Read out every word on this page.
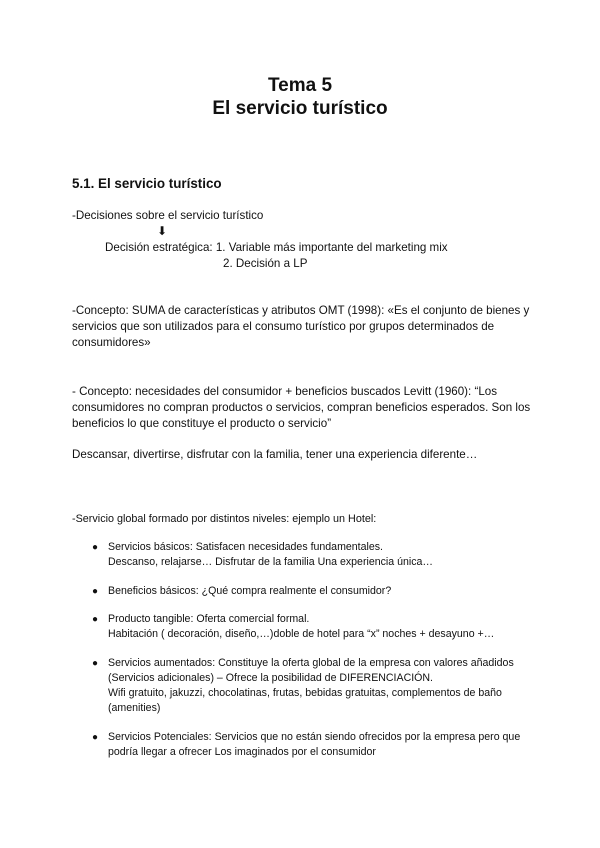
Tema 5
El servicio turístico
5.1. El servicio turístico
-Decisiones sobre el servicio turístico
⬇
Decisión estratégica: 1. Variable más importante del marketing mix
2. Decisión a LP
-Concepto: SUMA de características y atributos OMT (1998): «Es el conjunto de bienes y servicios que son utilizados para el consumo turístico por grupos determinados de consumidores»
- Concepto: necesidades del consumidor + beneficios buscados Levitt (1960): “Los consumidores no compran productos o servicios, compran beneficios esperados. Son los beneficios lo que constituye el producto o servicio”
Descansar, divertirse, disfrutar con la familia, tener una experiencia diferente…
-Servicio global formado por distintos niveles: ejemplo un Hotel:
● Servicios básicos: Satisfacen necesidades fundamentales.
Descanso, relajarse… Disfrutar de la familia Una experiencia única…
● Beneficios básicos: ¿Qué compra realmente el consumidor?
● Producto tangible: Oferta comercial formal.
Habitación ( decoración, diseño,…)doble de hotel para “x” noches + desayuno +…
● Servicios aumentados: Constituye la oferta global de la empresa con valores añadidos (Servicios adicionales) – Ofrece la posibilidad de DIFERENCIACIÓN.
Wifi gratuito, jakuzzi, chocolatinas, frutas, bebidas gratuitas, complementos de baño (amenities)
● Servicios Potenciales: Servicios que no están siendo ofrecidos por la empresa pero que podría llegar a ofrecer Los imaginados por el consumidor
